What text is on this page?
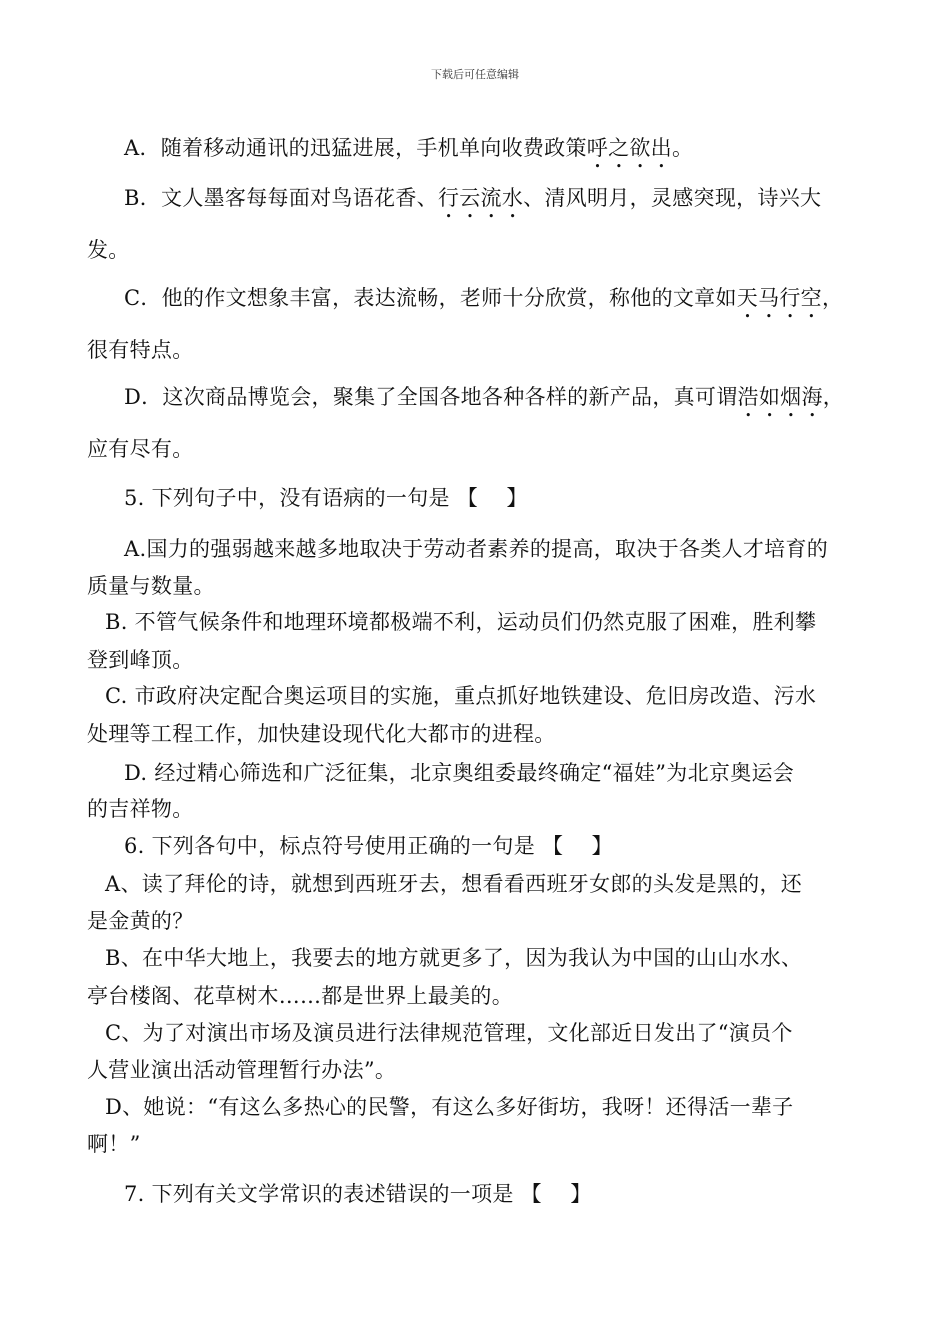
下载后可任意编辑
A．随着移动通讯的迅猛进展，手机单向收费政策呼之欲出。
B．文人墨客每每面对鸟语花香、行云流水、清风明月，灵感突现，诗兴大
发。
C．他的作文想象丰富，表达流畅，老师十分欣赏，称他的文章如天马行空，
很有特点。
D．这次商品博览会，聚集了全国各地各种各样的新产品，真可谓浩如烟海，
应有尽有。
5. 下列句子中，没有语病的一句是 【　 】
A.国力的强弱越来越多地取决于劳动者素养的提高，取决于各类人才培育的
质量与数量。
B. 不管气候条件和地理环境都极端不利，运动员们仍然克服了困难，胜利攀
登到峰顶。
C. 市政府决定配合奥运项目的实施，重点抓好地铁建设、危旧房改造、污水
处理等工程工作，加快建设现代化大都市的进程。
D. 经过精心筛选和广泛征集，北京奥组委最终确定“福娃”为北京奥运会
的吉祥物。
6. 下列各句中，标点符号使用正确的一句是 【　 】
A、读了拜伦的诗，就想到西班牙去，想看看西班牙女郎的头发是黑的，还
是金黄的？
B、在中华大地上，我要去的地方就更多了，因为我认为中国的山山水水、
亭台楼阁、花草树木……都是世界上最美的。
C、为了对演出市场及演员进行法律规范管理，文化部近日发出了“演员个
人营业演出活动管理暂行办法”。
D、她说：“有这么多热心的民警，有这么多好街坊，我呀！还得活一辈子
啊！”
7. 下列有关文学常识的表述错误的一项是 【　 】
